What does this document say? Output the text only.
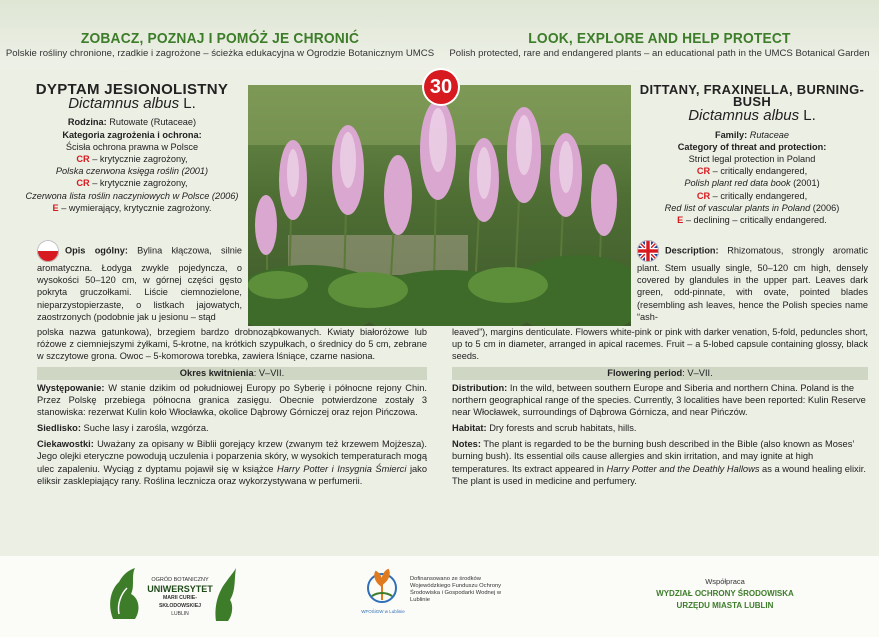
ZOBACZ, POZNAJ I POMÓŻ JE CHRONIĆ
Polskie rośliny chronione, rzadkie i zagrożone – ścieżka edukacyjna w Ogrodzie Botanicznym UMCS
LOOK, EXPLORE AND HELP PROTECT
Polish protected, rare and endangered plants – an educational path in the UMCS Botanical Garden
30
DYPTAM JESIONOLISTNY
Dictamnus albus L.
Rodzina: Rutowate (Rutaceae)
Kategoria zagrożenia i ochrona:
Ścisła ochrona prawna w Polsce
CR – krytycznie zagrożony,
Polska czerwona księga roślin (2001)
CR – krytycznie zagrożony,
Czerwona lista roślin naczyniowych w Polsce (2006)
E – wymierający, krytycznie zagrożony.
Opis ogólny: Bylina kłączowa, silnie aromatyczna. Łodyga zwykle pojedyncza, o wysokości 50–120 cm, w górnej części gęsto pokryta gruczołkami. Liście ciemnozielone, nieparzystopierzaste, o listkach jajowatych, zaostrzonych (podobnie jak u jesionu – stąd
polska nazwa gatunkowa), brzegiem bardzo drobnoząbkowanych. Kwiaty białoróżowe lub różowe z ciemniejszymi żyłkami, 5-krotne, na krótkich szypułkach, o średnicy do 5 cm, zebrane w szczytowe grona. Owoc – 5-komorowa torebka, zawiera lśniące, czarne nasiona.
DITTANY, FRAXINELLA, BURNING-BUSH
Dictamnus albus L.
Family: Rutaceae
Category of threat and protection:
Strict legal protection in Poland
CR – critically endangered,
Polish plant red data book (2001)
CR – critically endangered,
Red list of vascular plants in Poland (2006)
E – declining – critically endangered.
Description: Rhizomatous, strongly aromatic plant. Stem usually single, 50–120 cm high, densely covered by glandules in the upper part. Leaves dark green, odd-pinnate, with ovate, pointed blades (resembling ash leaves, hence the Polish species name “ash-
leaved”), margins denticulate. Flowers white-pink or pink with darker venation, 5-fold, peduncles short, up to 5 cm in diameter, arranged in apical racemes. Fruit – a 5-lobed capsule containing glossy, black seeds.
Okres kwitnienia: V–VII.	Flowering period: V–VII.

Występowanie: W stanie dzikim od południowej Europy po Syberię i północne rejony Chin. Przez Polskę przebiega północna granica zasięgu. Obecnie potwierdzone zostały 3 stanowiska: rezerwat Kulin koło Włocławka, okolice Dąbrowy Górniczej oraz rejon Pińczowa.

Siedlisko: Suche lasy i zarośla, wzgórza.

Ciekawostki: Uważany za opisany w Biblii gorejący krzew (zwanym też krzewem Mojżesza). Jego olejki eteryczne powodują uczulenia i poparzenia skóry, w wysokich temperaturach mogą ulec zapaleniu. Wyciąg z dyptamu pojawił się w książce Harry Potter i Insygnia Śmierci jako eliksir zasklepiający rany. Roślina lecznicza oraz wykorzystywana w perfumerii.

Distribution: In the wild, between southern Europe and Siberia and northern China. Poland is the northern geographical range of the species. Currently, 3 localities have been reported: Kulin Reserve near Włocławek, surroundings of Dąbrowa Górnicza, and near Pińczów.

Habitat: Dry forests and scrub habitats, hills.

Notes: The plant is regarded to be the burning bush described in the Bible (also known as Moses’ burning bush). Its essential oils cause allergies and skin irritation, and may ignite at high temperatures. Its extract appeared in Harry Potter and the Deathly Hallows as a wound healing elixir. The plant is used in medicine and perfumery.

OGRÓD BOTANICZNY
UNIWERSYTET
MARII CURIE-SKŁODOWSKIEJ
LUBLIN	WFOŚiGW w Lublinie
Dofinansowano ze środków Wojewódzkiego Funduszu Ochrony Środowiska i Gospodarki Wodnej w Lublinie
Współpraca
WYDZIAŁ OCHRONY ŚRODOWISKA
URZĘDU MIASTA LUBLIN
